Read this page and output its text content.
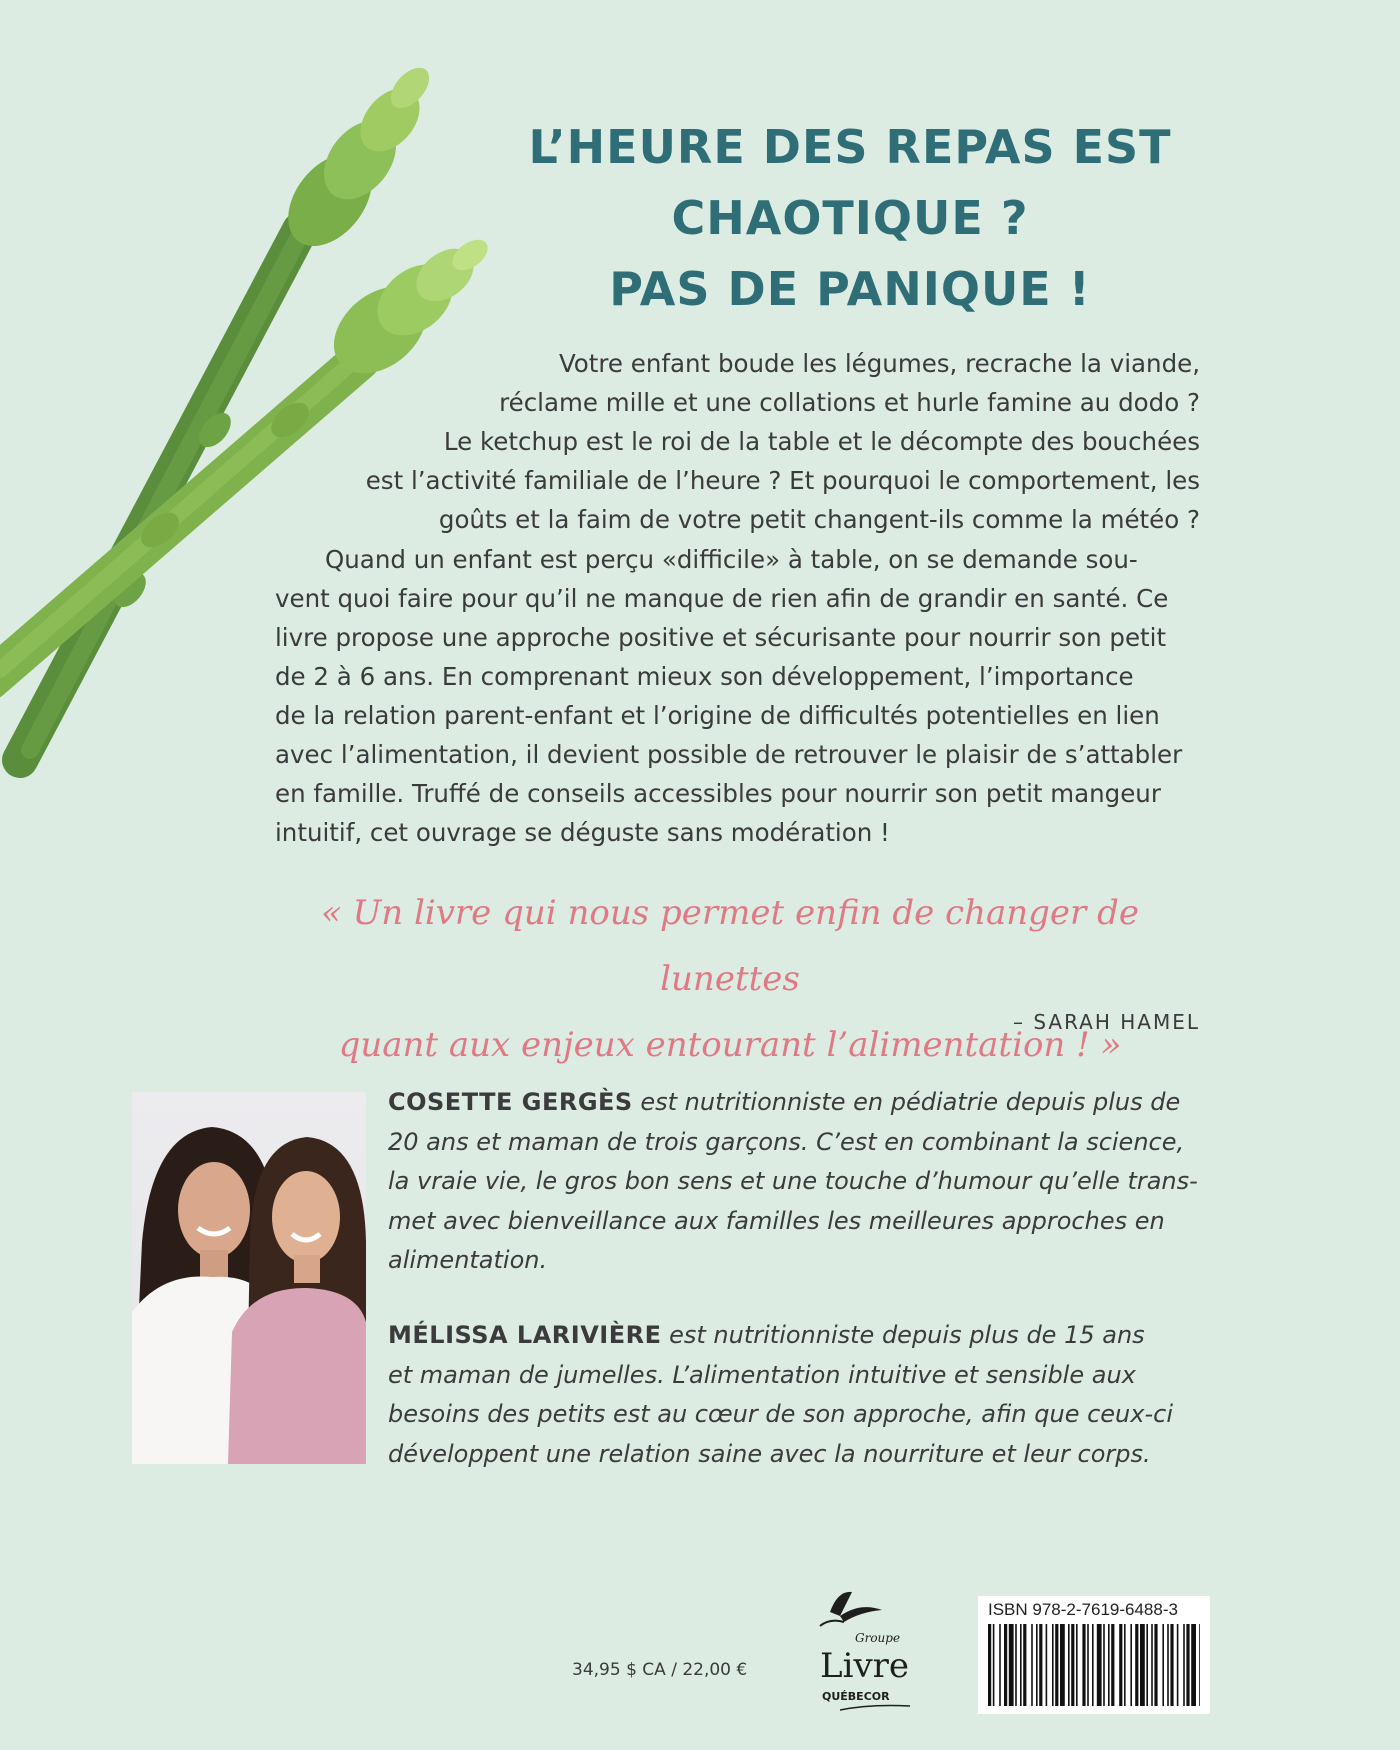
L’HEURE DES REPAS EST
CHAOTIQUE ?
PAS DE PANIQUE !
Votre enfant boude les légumes, recrache la viande,
réclame mille et une collations et hurle famine au dodo ?
Le ketchup est le roi de la table et le décompte des bouchées
est l’activité familiale de l’heure ? Et pourquoi le comportement, les
goûts et la faim de votre petit changent-ils comme la météo ?
Quand un enfant est perçu «difficile» à table, on se demande sou-
vent quoi faire pour qu’il ne manque de rien afin de grandir en santé. Ce
livre propose une approche positive et sécurisante pour nourrir son petit
de 2 à 6 ans. En comprenant mieux son développement, l’importance
de la relation parent-enfant et l’origine de difficultés potentielles en lien
avec l’alimentation, il devient possible de retrouver le plaisir de s’attabler
en famille. Truffé de conseils accessibles pour nourrir son petit mangeur
intuitif, cet ouvrage se déguste sans modération !
« Un livre qui nous permet enfin de changer de lunettes
quant aux enjeux entourant l’alimentation ! »
– SARAH HAMEL
COSETTE GERGÈS est nutritionniste en pédiatrie depuis plus de
20 ans et maman de trois garçons. C’est en combinant la science,
la vraie vie, le gros bon sens et une touche d’humour qu’elle trans-
met avec bienveillance aux familles les meilleures approches en
alimentation.
MÉLISSA LARIVIÈRE est nutritionniste depuis plus de 15 ans
et maman de jumelles. L’alimentation intuitive et sensible aux
besoins des petits est au cœur de son approche, afin que ceux-ci
développent une relation saine avec la nourriture et leur corps.
34,95 $ CA / 22,00 €
Groupe
Livre
QUÉBECOR
ISBN 978-2-7619-6488-3
